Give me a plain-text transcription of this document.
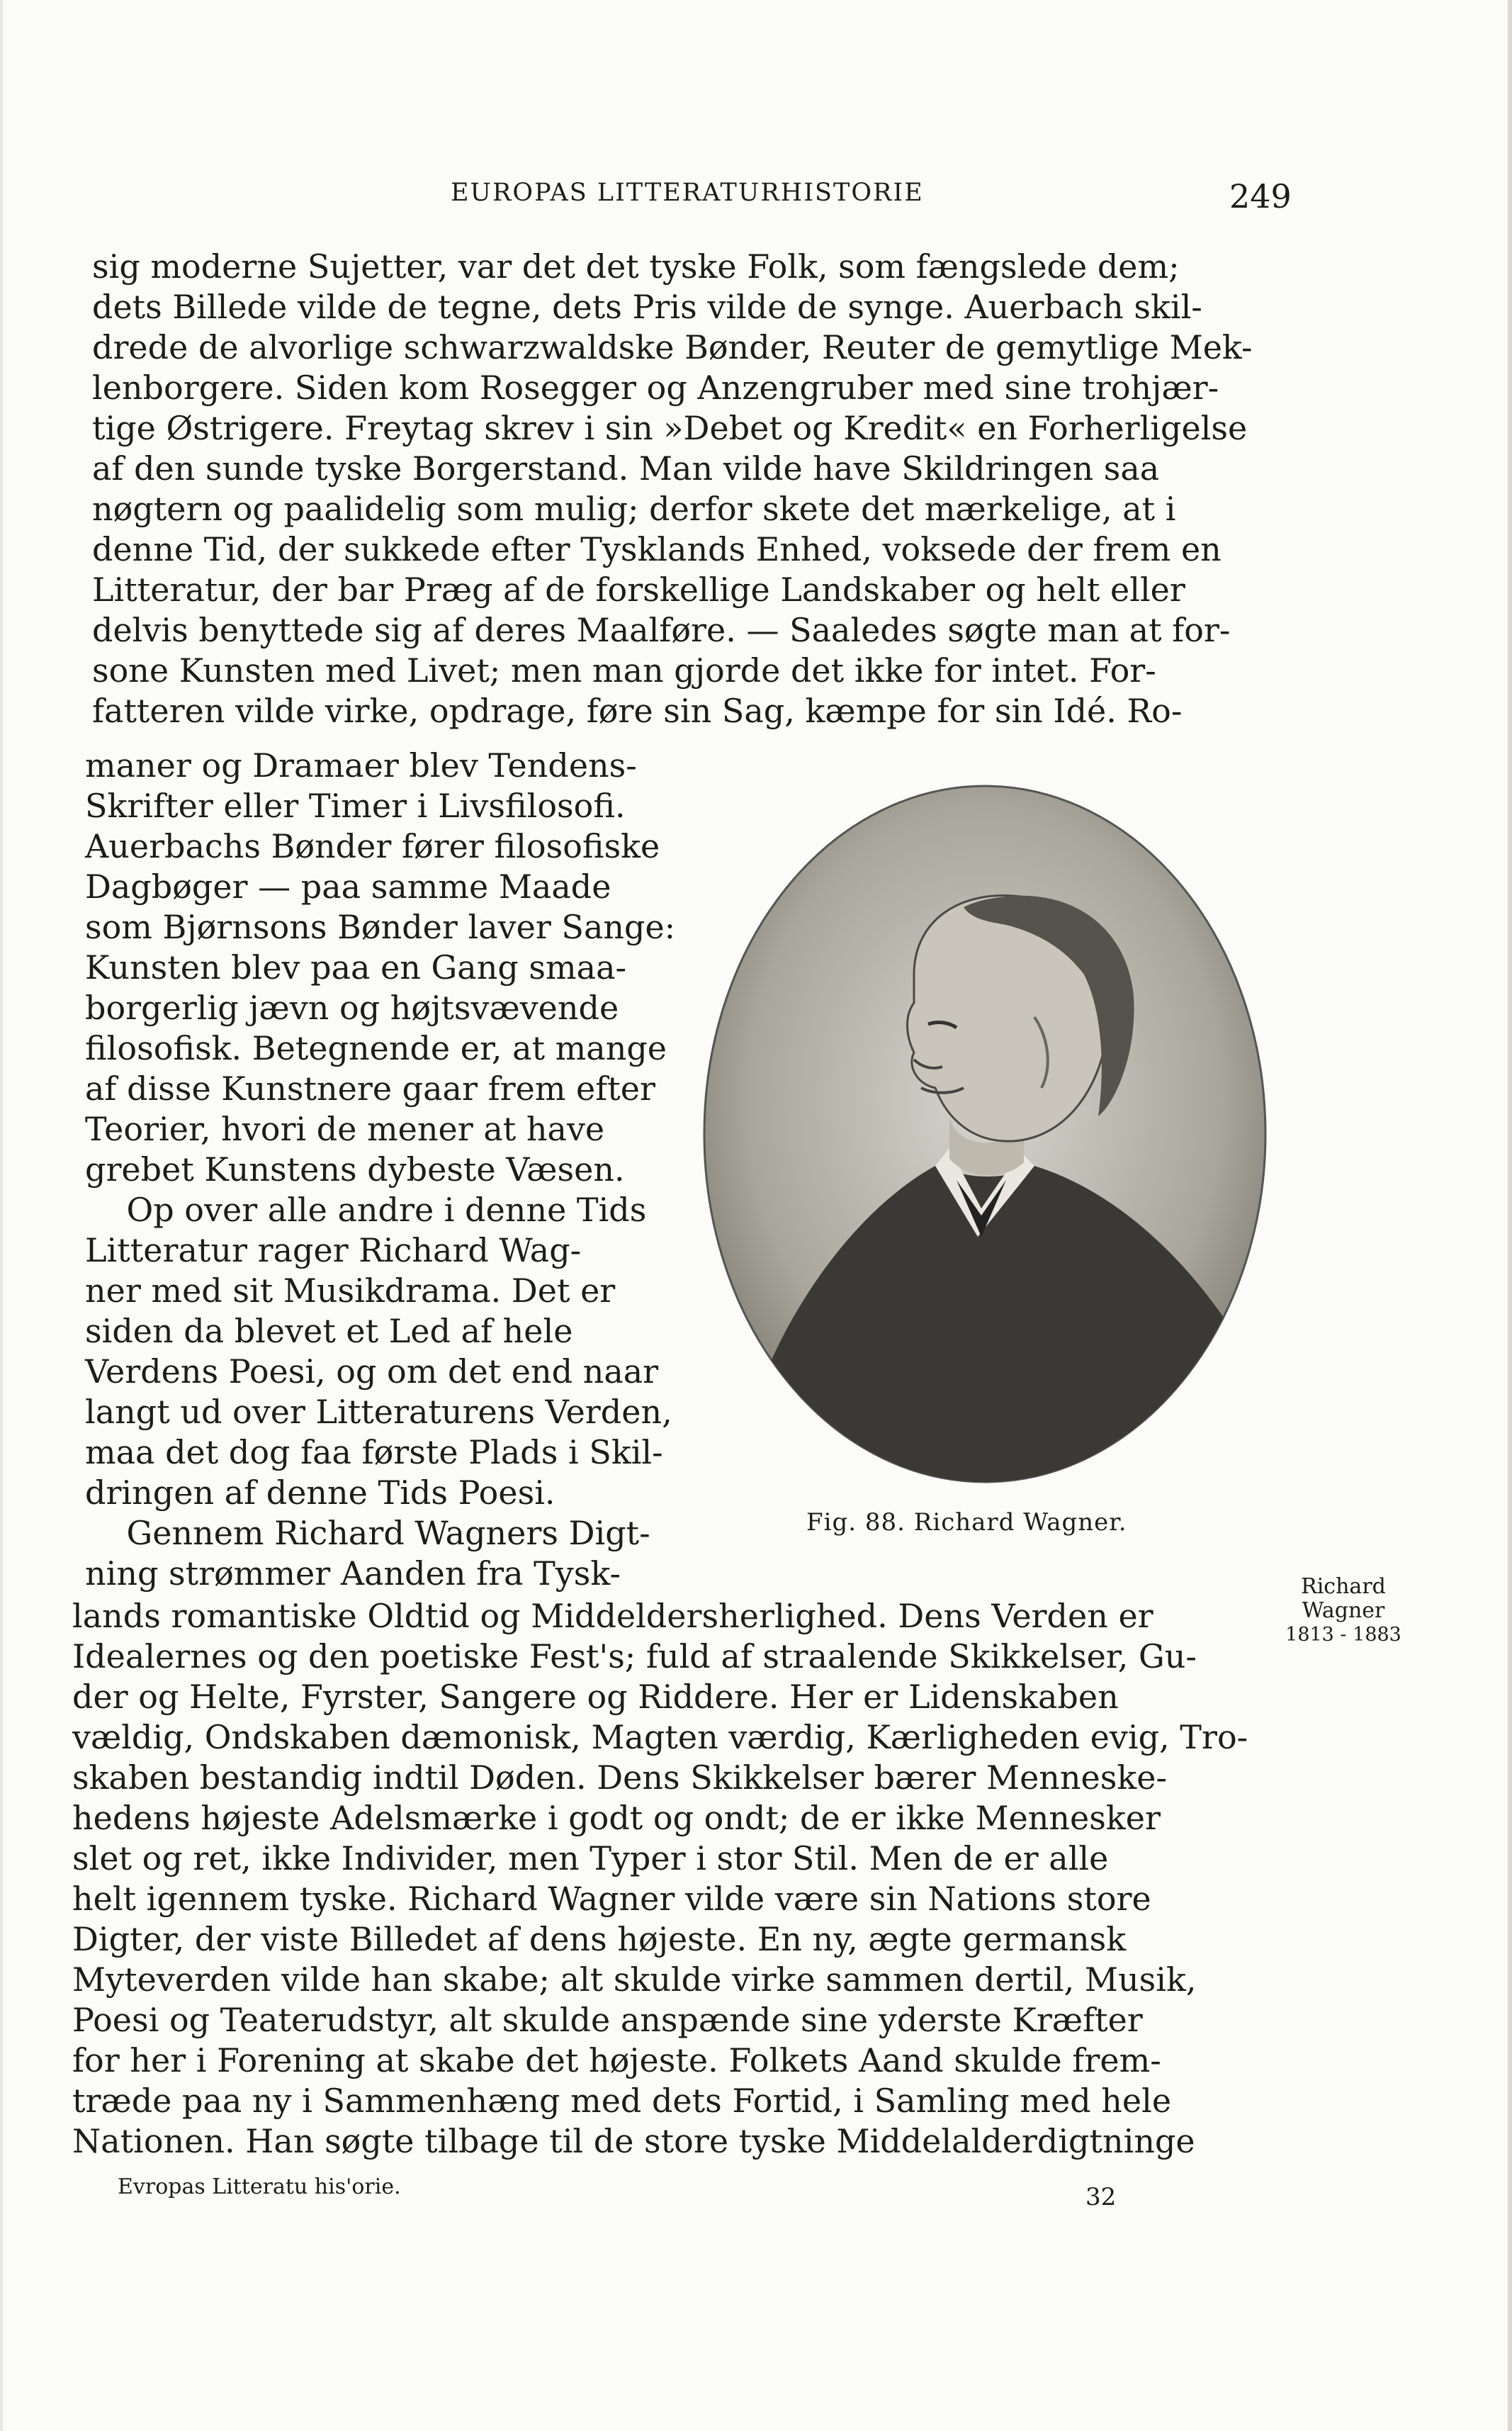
EUROPAS LITTERATURHISTORIE	249

sig moderne Sujetter, var det det tyske Folk, som fængslede dem;
dets Billede vilde de tegne, dets Pris vilde de synge. Auerbach skil-
drede de alvorlige schwarzwaldske Bønder, Reuter de gemytlige Mek-
lenborgere. Siden kom Rosegger og Anzengruber med sine trohjær-
tige Østrigere. Freytag skrev i sin »Debet og Kredit« en Forherligelse
af den sunde tyske Borgerstand. Man vilde have Skildringen saa
nøgtern og paalidelig som mulig; derfor skete det mærkelige, at i
denne Tid, der sukkede efter Tysklands Enhed, voksede der frem en
Litteratur, der bar Præg af de forskellige Landskaber og helt eller
delvis benyttede sig af deres Maalføre. — Saaledes søgte man at for-
sone Kunsten med Livet; men man gjorde det ikke for intet. For-
fatteren vilde virke, opdrage, føre sin Sag, kæmpe for sin Idé. Ro-

maner og Dramaer blev Tendens-
Skrifter eller Timer i Livsfilosofi.
Auerbachs Bønder fører filosofiske
Dagbøger — paa samme Maade
som Bjørnsons Bønder laver Sange:
Kunsten blev paa en Gang smaa-
borgerlig jævn og højtsvævende
filosofisk. Betegnende er, at mange
af disse Kunstnere gaar frem efter
Teorier, hvori de mener at have
grebet Kunstens dybeste Væsen.
Op over alle andre i denne Tids
Litteratur rager Richard Wag-
ner med sit Musikdrama. Det er
siden da blevet et Led af hele
Verdens Poesi, og om det end naar
langt ud over Litteraturens Verden,
maa det dog faa første Plads i Skil-
dringen af denne Tids Poesi.
Gennem Richard Wagners Digt-
ning strømmer Aanden fra Tysk-

Fig. 88. Richard Wagner.
Richard
Wagner
1813 - 1883

lands romantiske Oldtid og Middeldersherlighed. Dens Verden er
Idealernes og den poetiske Fest's; fuld af straalende Skikkelser, Gu-
der og Helte, Fyrster, Sangere og Riddere. Her er Lidenskaben
vældig, Ondskaben dæmonisk, Magten værdig, Kærligheden evig, Tro-
skaben bestandig indtil Døden. Dens Skikkelser bærer Menneske-
hedens højeste Adelsmærke i godt og ondt; de er ikke Mennesker
slet og ret, ikke Individer, men Typer i stor Stil. Men de er alle
helt igennem tyske. Richard Wagner vilde være sin Nations store
Digter, der viste Billedet af dens højeste. En ny, ægte germansk
Myteverden vilde han skabe; alt skulde virke sammen dertil, Musik,
Poesi og Teaterudstyr, alt skulde anspænde sine yderste Kræfter
for her i Forening at skabe det højeste. Folkets Aand skulde frem-
træde paa ny i Sammenhæng med dets Fortid, i Samling med hele
Nationen. Han søgte tilbage til de store tyske Middelalderdigtninge

Evropas Litteratu his'orie.	32
